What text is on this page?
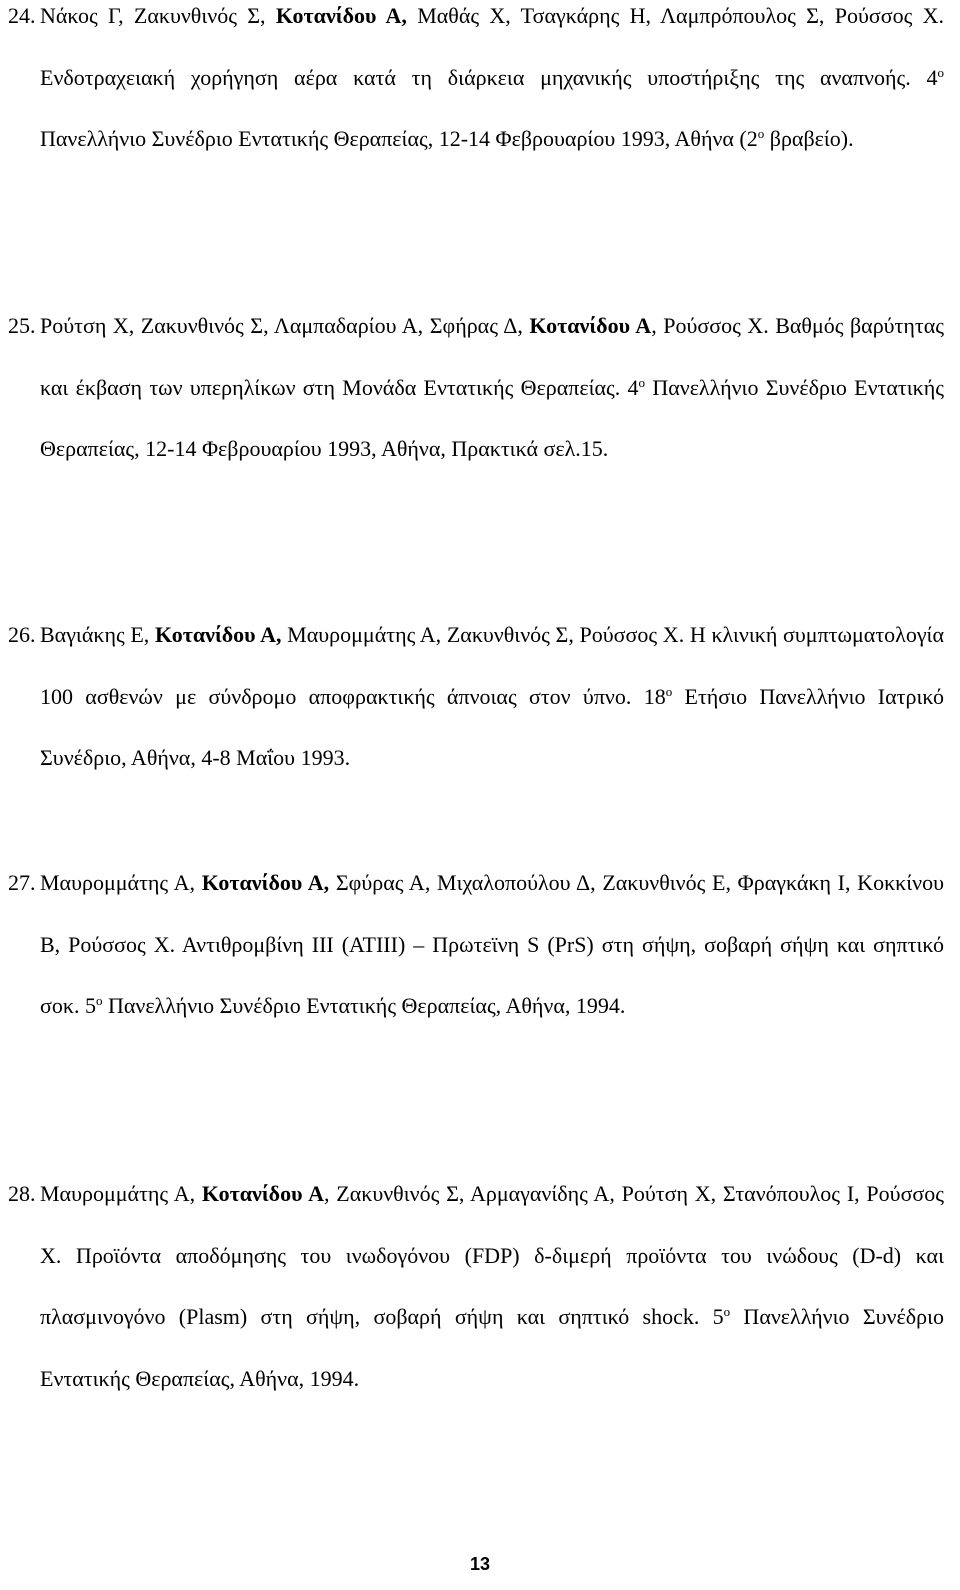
24. Νάκος Γ, Ζακυνθινός Σ, Κοτανίδου Α, Μαθάς Χ, Τσαγκάρης Η, Λαμπρόπουλος Σ, Ρούσσος Χ. Ενδοτραχειακή χορήγηση αέρα κατά τη διάρκεια μηχανικής υποστήριξης της αναπνοής. $4^o$ Πανελλήνιο Συνέδριο Εντατικής Θεραπείας, 12-14 Φεβρουαρίου 1993, Αθήνα ($2^o$ βραβείο).

25. Ρούτση Χ, Ζακυνθινός Σ, Λαμπαδαρίου Α, Σφήρας Δ, Κοτανίδου Α, Ρούσσος Χ. Βαθμός βαρύτητας και έκβαση των υπερηλίκων στη Μονάδα Εντατικής Θεραπείας. $4^o$ Πανελλήνιο Συνέδριο Εντατικής Θεραπείας, 12-14 Φεβρουαρίου 1993, Αθήνα, Πρακτικά σελ.15.

26. Βαγιάκης Ε, Κοτανίδου Α, Μαυρομμάτης Α, Ζακυνθινός Σ, Ρούσσος Χ. Η κλινική συμπτωματολογία 100 ασθενών με σύνδρομο αποφρακτικής άπνοιας στον ύπνο. $18^o$ Ετήσιο Πανελλήνιο Ιατρικό Συνέδριο, Αθήνα, 4-8 Μαΐου 1993.

27. Μαυρομμάτης Α, Κοτανίδου Α, Σφύρας Α, Μιχαλοπούλου Δ, Ζακυνθινός Ε, Φραγκάκη Ι, Κοκκίνου Β, Ρούσσος Χ. Αντιθρομβίνη ΙΙΙ (ΑΤΙΙΙ) – Πρωτεϊνη S (PrS) στη σήψη, σοβαρή σήψη και σηπτικό σοκ. $5^o$ Πανελλήνιο Συνέδριο Εντατικής Θεραπείας, Αθήνα, 1994.

28. Μαυρομμάτης Α, Κοτανίδου Α, Ζακυνθινός Σ, Αρμαγανίδης Α, Ρούτση Χ, Στανόπουλος Ι, Ρούσσος Χ. Προϊόντα αποδόμησης του ινωδογόνου (FDP) δ-διμερή προϊόντα του ινώδους (D-d) και πλασμινογόνο (Plasm) στη σήψη, σοβαρή σήψη και σηπτικό shock. $5^o$ Πανελλήνιο Συνέδριο Εντατικής Θεραπείας, Αθήνα, 1994.

13
